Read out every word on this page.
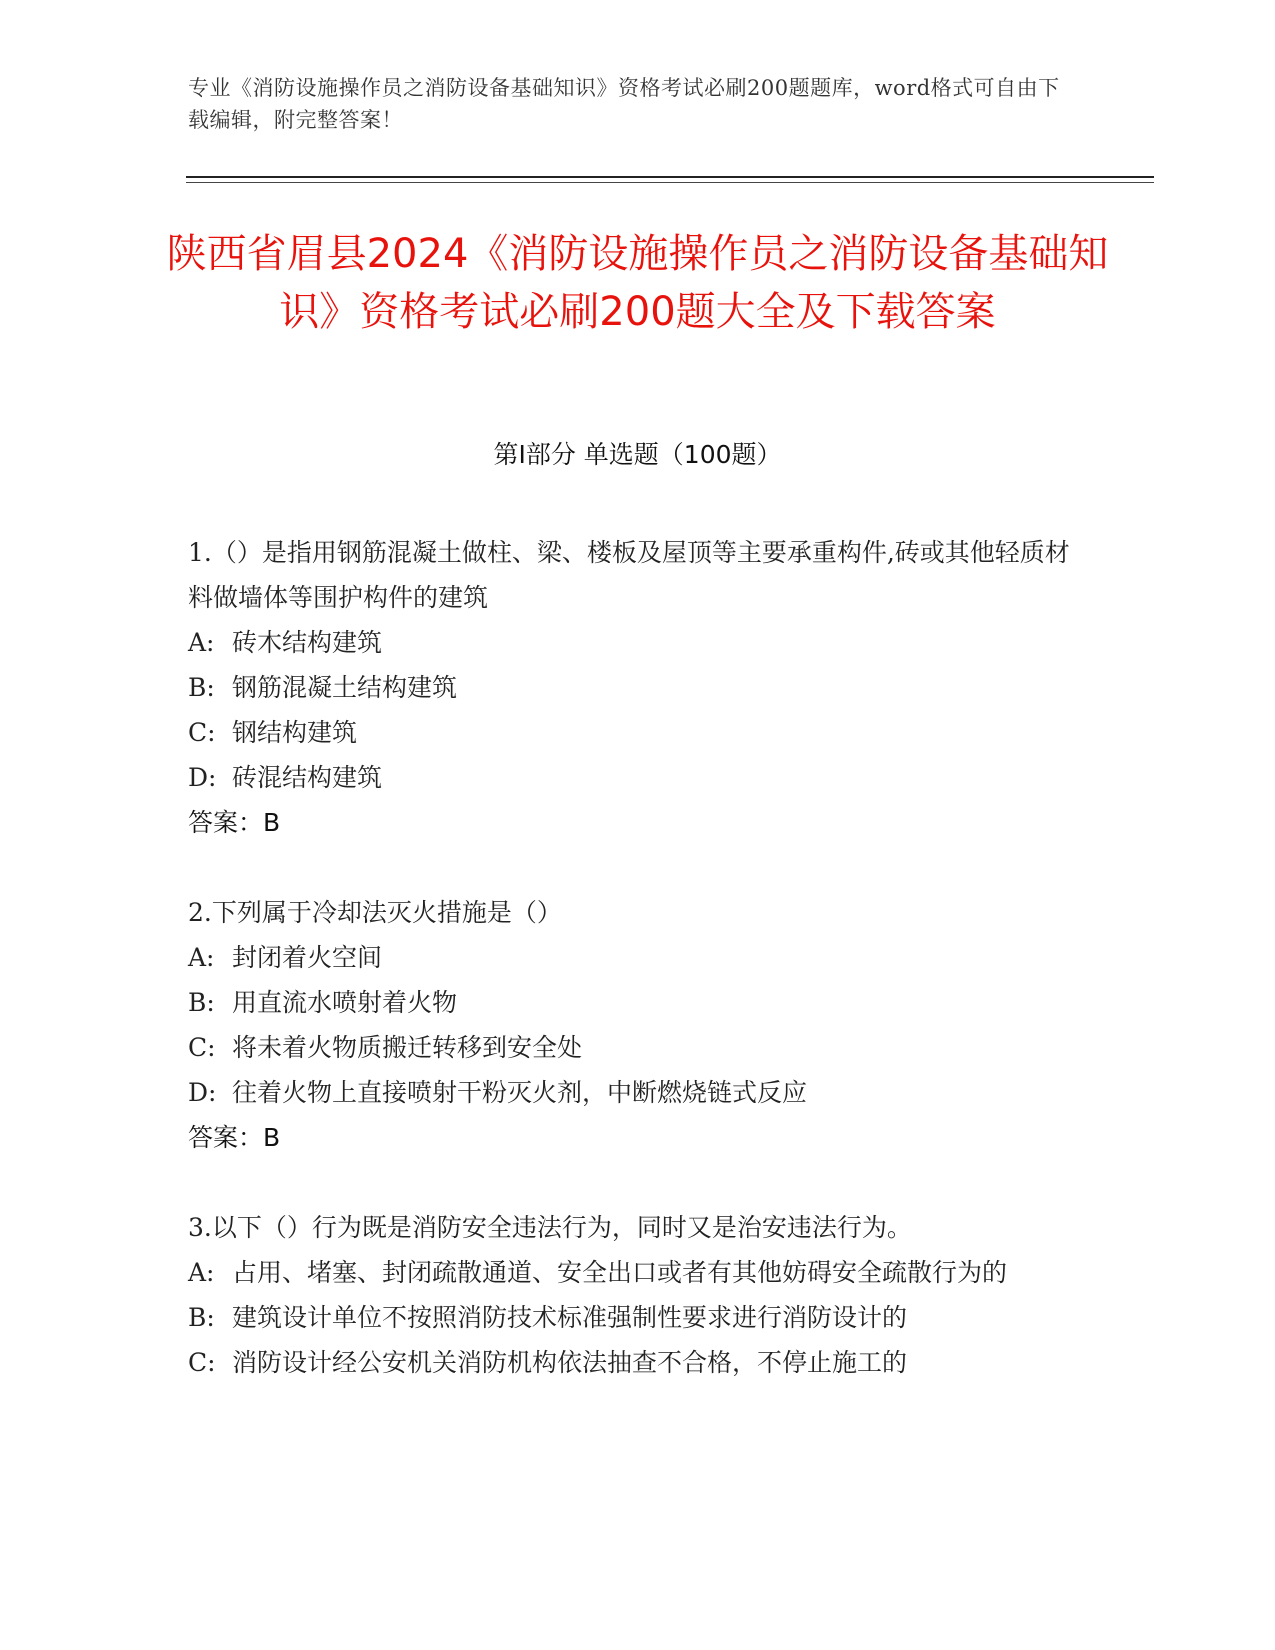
专业《消防设施操作员之消防设备基础知识》资格考试必刷200题题库，word格式可自由下载编辑，附完整答案！
陕西省眉县2024《消防设施操作员之消防设备基础知识》资格考试必刷200题大全及下载答案
第I部分 单选题（100题）
1.（）是指用钢筋混凝土做柱、梁、楼板及屋顶等主要承重构件,砖或其他轻质材料做墙体等围护构件的建筑
A: 砖木结构建筑
B: 钢筋混凝土结构建筑
C: 钢结构建筑
D: 砖混结构建筑
答案：B
2.下列属于冷却法灭火措施是（）
A: 封闭着火空间
B: 用直流水喷射着火物
C: 将未着火物质搬迁转移到安全处
D: 往着火物上直接喷射干粉灭火剂，中断燃烧链式反应
答案：B
3.以下（）行为既是消防安全违法行为，同时又是治安违法行为。
A: 占用、堵塞、封闭疏散通道、安全出口或者有其他妨碍安全疏散行为的
B: 建筑设计单位不按照消防技术标准强制性要求进行消防设计的
C: 消防设计经公安机关消防机构依法抽查不合格，不停止施工的
